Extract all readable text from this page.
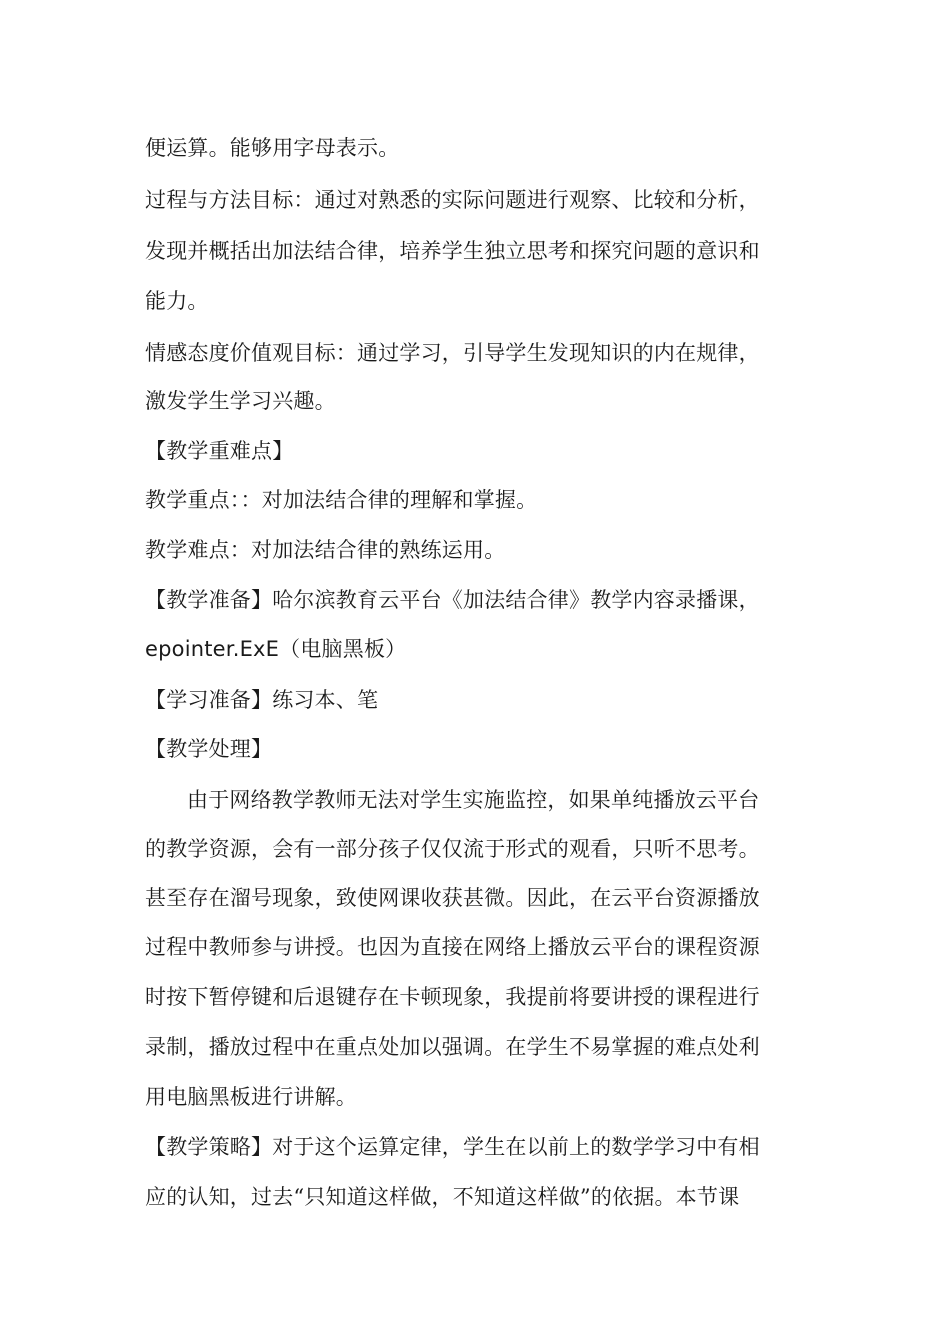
便运算。能够用字母表示。
过程与方法目标：通过对熟悉的实际问题进行观察、比较和分析，
发现并概括出加法结合律，培养学生独立思考和探究问题的意识和
能力。
情感态度价值观目标：通过学习，引导学生发现知识的内在规律，
激发学生学习兴趣。
【教学重难点】
教学重点：：对加法结合律的理解和掌握。
教学难点：对加法结合律的熟练运用。
【教学准备】哈尔滨教育云平台《加法结合律》教学内容录播课，
epointer.ExE（电脑黑板）
【学习准备】练习本、笔
【教学处理】
由于网络教学教师无法对学生实施监控，如果单纯播放云平台
的教学资源，会有一部分孩子仅仅流于形式的观看，只听不思考。
甚至存在溜号现象，致使网课收获甚微。因此，在云平台资源播放
过程中教师参与讲授。也因为直接在网络上播放云平台的课程资源
时按下暂停键和后退键存在卡顿现象，我提前将要讲授的课程进行
录制，播放过程中在重点处加以强调。在学生不易掌握的难点处利
用电脑黑板进行讲解。
【教学策略】对于这个运算定律，学生在以前上的数学学习中有相
应的认知，过去“只知道这样做，不知道这样做”的依据。本节课
